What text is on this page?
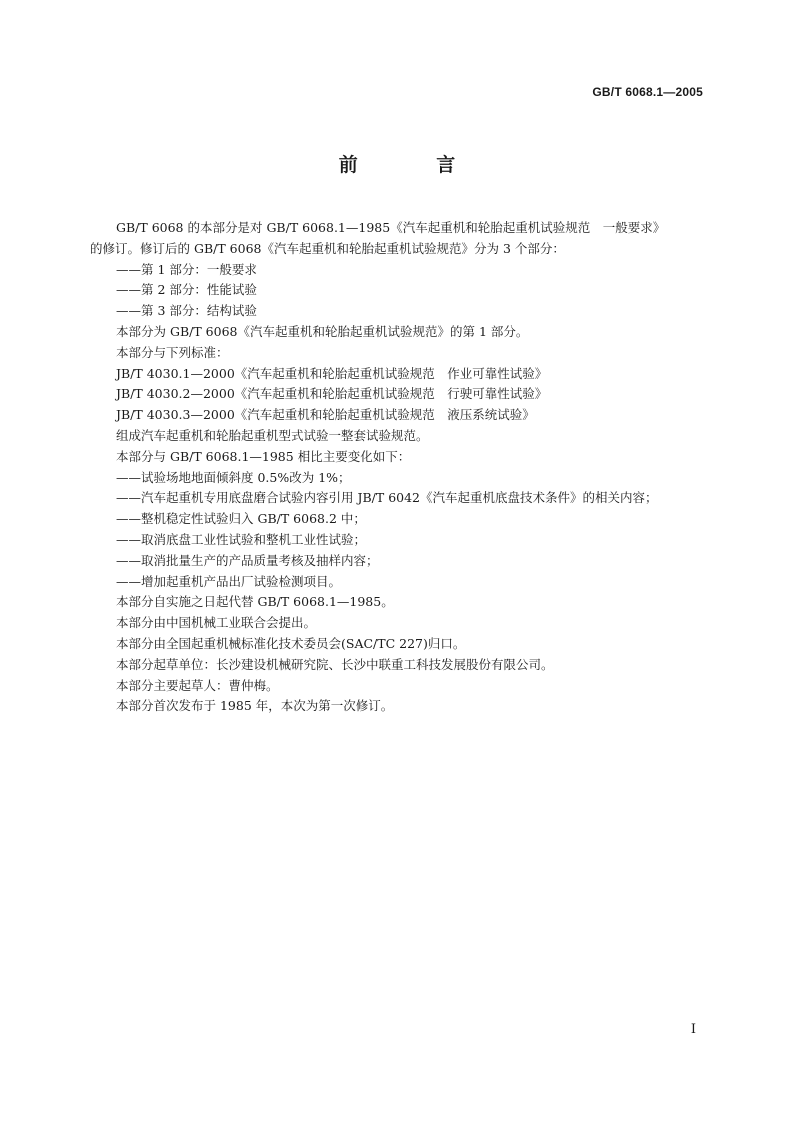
GB/T 6068.1—2005
前 言

GB/T 6068 的本部分是对 GB/T 6068.1—1985《汽车起重机和轮胎起重机试验规范　一般要求》

的修订。修订后的 GB/T 6068《汽车起重机和轮胎起重机试验规范》分为 3 个部分：

——第 1 部分：一般要求

——第 2 部分：性能试验

——第 3 部分：结构试验

本部分为 GB/T 6068《汽车起重机和轮胎起重机试验规范》的第 1 部分。

本部分与下列标准：

JB/T 4030.1—2000《汽车起重机和轮胎起重机试验规范　作业可靠性试验》

JB/T 4030.2—2000《汽车起重机和轮胎起重机试验规范　行驶可靠性试验》

JB/T 4030.3—2000《汽车起重机和轮胎起重机试验规范　液压系统试验》

组成汽车起重机和轮胎起重机型式试验一整套试验规范。

本部分与 GB/T 6068.1—1985 相比主要变化如下：

——试验场地地面倾斜度 0.5%改为 1%；

——汽车起重机专用底盘磨合试验内容引用 JB/T 6042《汽车起重机底盘技术条件》的相关内容；

——整机稳定性试验归入 GB/T 6068.2 中；

——取消底盘工业性试验和整机工业性试验；

——取消批量生产的产品质量考核及抽样内容；

——增加起重机产品出厂试验检测项目。

本部分自实施之日起代替 GB/T 6068.1—1985。

本部分由中国机械工业联合会提出。

本部分由全国起重机械标准化技术委员会(SAC/TC 227)归口。

本部分起草单位：长沙建设机械研究院、长沙中联重工科技发展股份有限公司。

本部分主要起草人：曹仲梅。

本部分首次发布于 1985 年，本次为第一次修订。

I
